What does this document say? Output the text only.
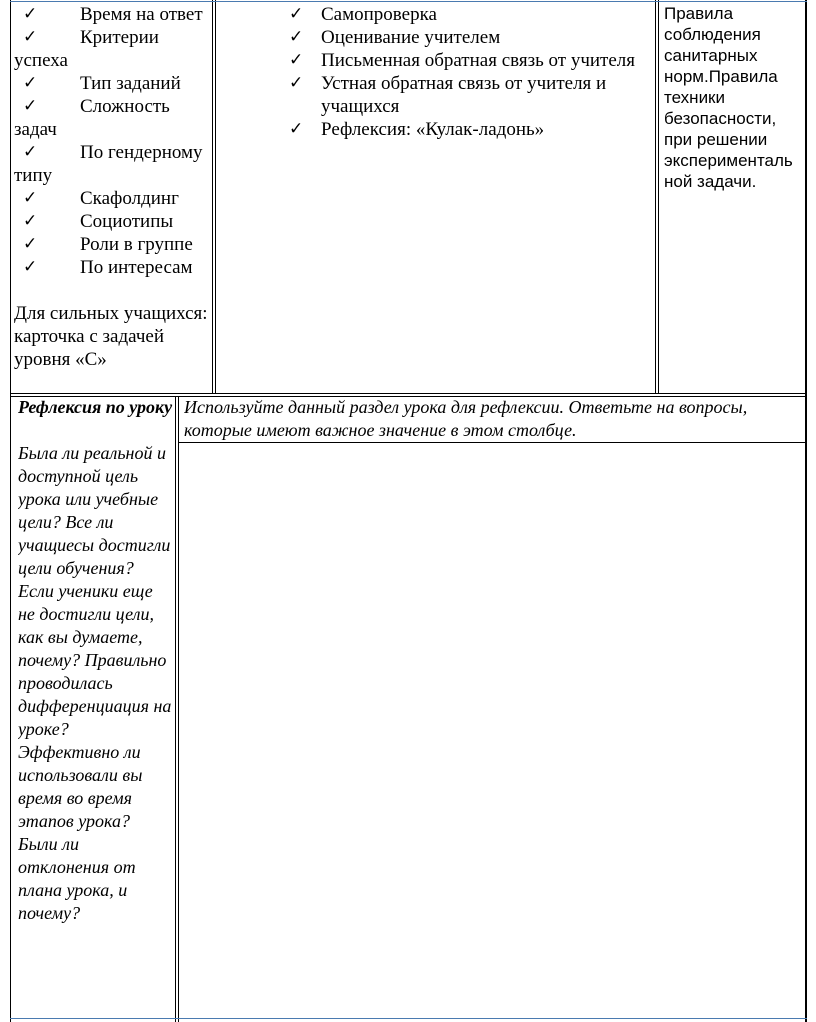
✓ Время на ответ
✓ Критерии успеха
✓ Тип заданий
✓ Сложность задач
✓ По гендерному типу
✓ Скафолдинг
✓ Социотипы
✓ Роли в группе
✓ По интересам
Для сильных учащихся: карточка с задачей уровня «С»
✓ Самопроверка
✓ Оценивание учителем
✓ Письменная обратная связь от учителя
✓ Устная обратная связь от учителя и учащихся
✓ Рефлексия: «Кулак-ладонь»
Правила соблюдения санитарных норм.Правила техники безопасности, при решении эксперименталь ной задачи.
Рефлексия по уроку
Была ли реальной и доступной цель урока или учебные цели? Все ли учащиесы достигли цели обучения? Если ученики еще не достигли цели, как вы думаете, почему? Правильно проводилась дифференциация на уроке? Эффективно ли использовали вы время во время этапов урока? Были ли отклонения от плана урока, и почему?
Используйте данный раздел урока для рефлексии. Ответьте на вопросы, которые имеют важное значение в этом столбце.
